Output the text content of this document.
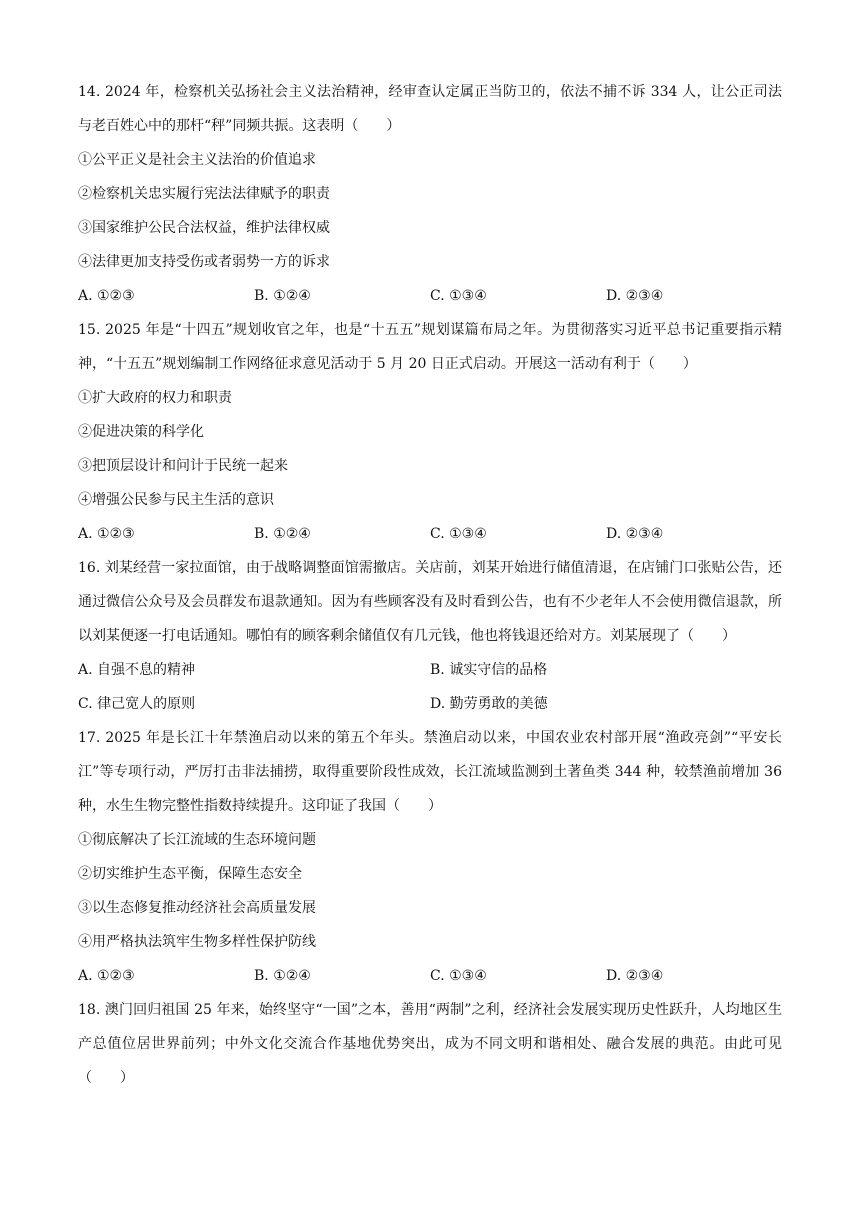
14. 2024 年，检察机关弘扬社会主义法治精神，经审查认定属正当防卫的，依法不捕不诉 334 人，让公正司法与老百姓心中的那杆“秤”同频共振。这表明（　　）

①公平正义是社会主义法治的价值追求

②检察机关忠实履行宪法法律赋予的职责

③国家维护公民合法权益，维护法律权威

④法律更加支持受伤或者弱势一方的诉求

A. ①②③	B. ①②④	C. ①③④	D. ②③④

15. 2025 年是“十四五”规划收官之年，也是“十五五”规划谋篇布局之年。为贯彻落实习近平总书记重要指示精神，“十五五”规划编制工作网络征求意见活动于 5 月 20 日正式启动。开展这一活动有利于（　　）

①扩大政府的权力和职责

②促进决策的科学化

③把顶层设计和问计于民统一起来

④增强公民参与民主生活的意识

A. ①②③	B. ①②④	C. ①③④	D. ②③④

16. 刘某经营一家拉面馆，由于战略调整面馆需撤店。关店前，刘某开始进行储值清退，在店铺门口张贴公告，还通过微信公众号及会员群发布退款通知。因为有些顾客没有及时看到公告，也有不少老年人不会使用微信退款，所以刘某便逐一打电话通知。哪怕有的顾客剩余储值仅有几元钱，他也将钱退还给对方。刘某展现了（　　）

A. 自强不息的精神	B. 诚实守信的品格
C. 律己宽人的原则	D. 勤劳勇敢的美德

17. 2025 年是长江十年禁渔启动以来的第五个年头。禁渔启动以来，中国农业农村部开展“渔政亮剑”“平安长江”等专项行动，严厉打击非法捕捞，取得重要阶段性成效，长江流域监测到土著鱼类 344 种，较禁渔前增加 36 种，水生生物完整性指数持续提升。这印证了我国（　　）

①彻底解决了长江流域的生态环境问题

②切实维护生态平衡，保障生态安全

③以生态修复推动经济社会高质量发展

④用严格执法筑牢生物多样性保护防线

A. ①②③	B. ①②④	C. ①③④	D. ②③④

18. 澳门回归祖国 25 年来，始终坚守“一国”之本，善用“两制”之利，经济社会发展实现历史性跃升，人均地区生产总值位居世界前列；中外文化交流合作基地优势突出，成为不同文明和谐相处、融合发展的典范。由此可见（　　）
